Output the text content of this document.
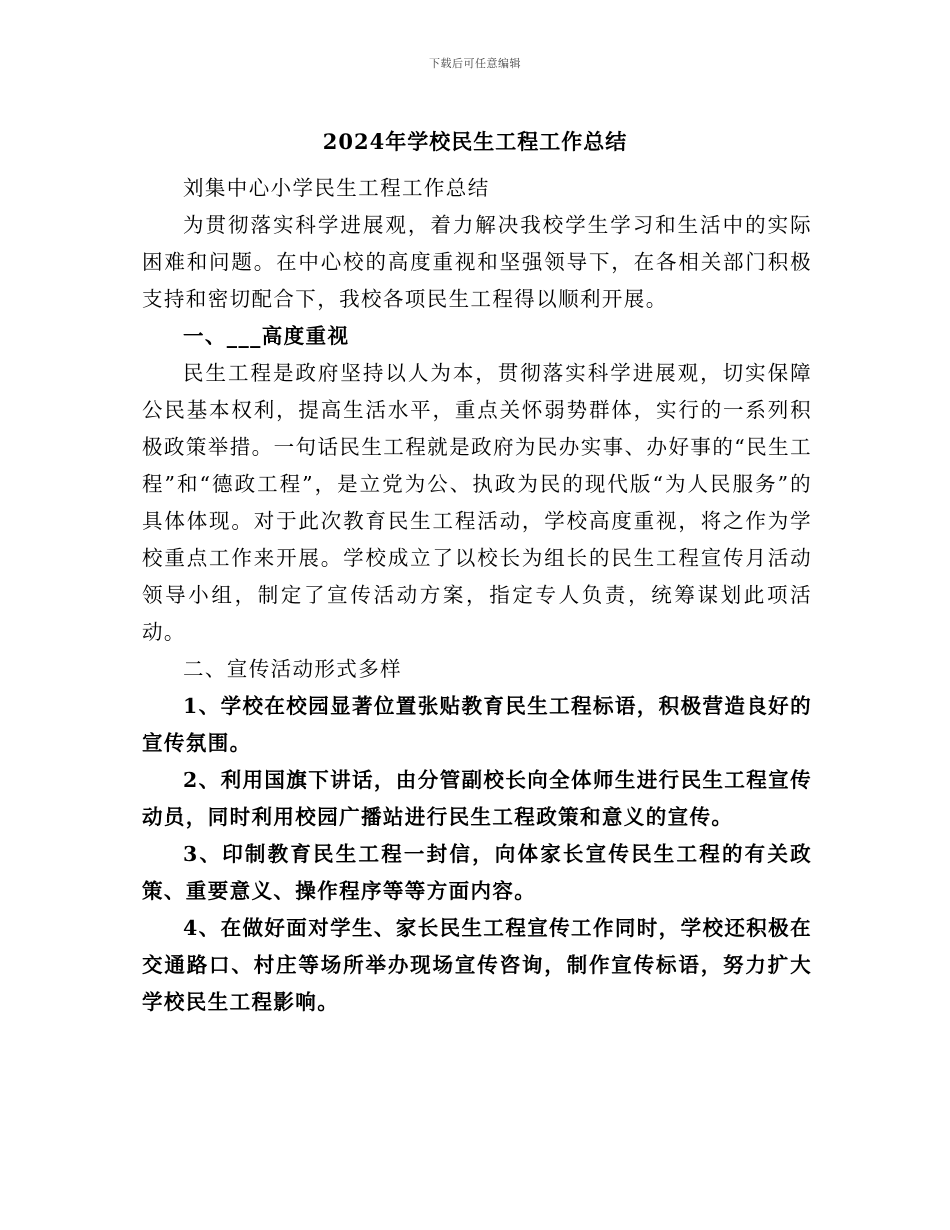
下载后可任意编辑
2024年学校民生工程工作总结

刘集中心小学民生工程工作总结

为贯彻落实科学进展观，着力解决我校学生学习和生活中的实际困难和问题。在中心校的高度重视和坚强领导下，在各相关部门积极支持和密切配合下，我校各项民生工程得以顺利开展。

一、___高度重视

民生工程是政府坚持以人为本，贯彻落实科学进展观，切实保障公民基本权利，提高生活水平，重点关怀弱势群体，实行的一系列积极政策举措。一句话民生工程就是政府为民办实事、办好事的“民生工程”和“德政工程”，是立党为公、执政为民的现代版“为人民服务”的具体体现。对于此次教育民生工程活动，学校高度重视，将之作为学校重点工作来开展。学校成立了以校长为组长的民生工程宣传月活动领导小组，制定了宣传活动方案，指定专人负责，统筹谋划此项活动。

二、宣传活动形式多样

1、学校在校园显著位置张贴教育民生工程标语，积极营造良好的宣传氛围。

2、利用国旗下讲话，由分管副校长向全体师生进行民生工程宣传动员，同时利用校园广播站进行民生工程政策和意义的宣传。

3、印制教育民生工程一封信，向体家长宣传民生工程的有关政策、重要意义、操作程序等等方面内容。

4、在做好面对学生、家长民生工程宣传工作同时，学校还积极在交通路口、村庄等场所举办现场宣传咨询，制作宣传标语，努力扩大学校民生工程影响。
